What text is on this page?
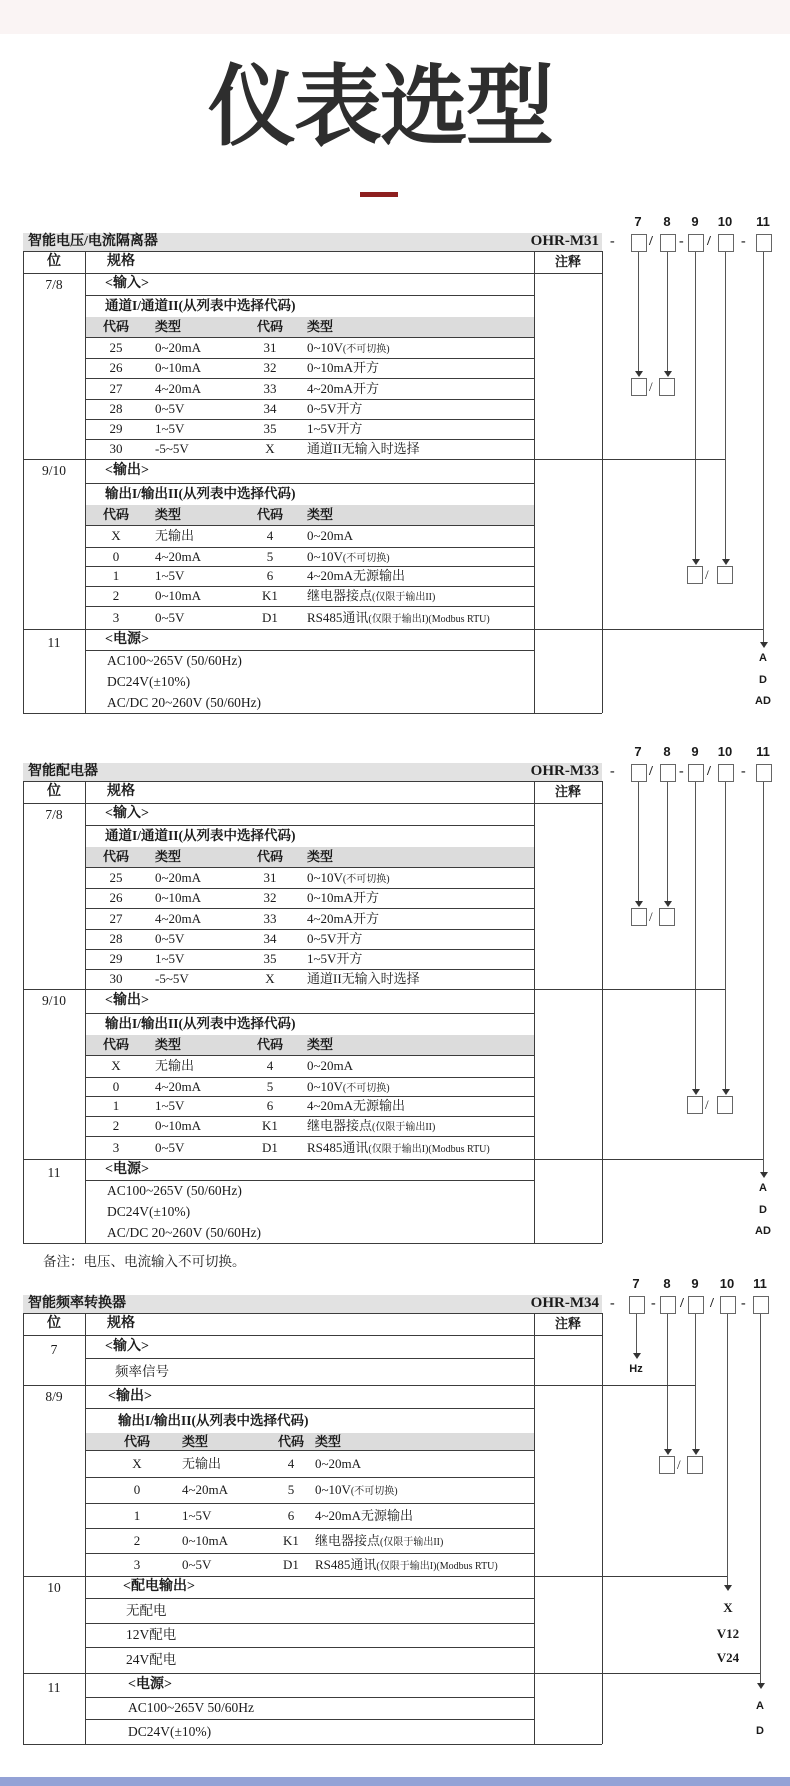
仪表选型
智能电压/电流隔离器	OHR-M31
位	规格	注释
7/8	<输入>
通道I/通道II(从列表中选择代码)
代码	类型	代码	类型
25	0~20mA	31	0~10V(不可切换)
26	0~10mA	32	0~10mA开方
27	4~20mA	33	4~20mA开方
28	0~5V	34	0~5V开方
29	1~5V	35	1~5V开方
30	-5~5V	X	通道II无输入时选择
9/10	<输出>
输出I/输出II(从列表中选择代码)
代码	类型	代码	类型
X	无输出	4	0~20mA
0	4~20mA	5	0~10V(不可切换)
1	1~5V	6	4~20mA无源输出
2	0~10mA	K1	继电器接点(仅限于输出II)
3	0~5V	D1	RS485通讯(仅限于输出I)(Modbus RTU)
11	<电源>
AC100~265V (50/60Hz)
DC24V(±10%)
AC/DC 20~260V (50/60Hz)
7	8	9	10 11
- / - / -
/
/
A
D
AD
智能配电器	OHR-M33
位	规格	注释
7/8	<输入>
通道I/通道II(从列表中选择代码)
代码	类型	代码	类型
25	0~20mA	31	0~10V(不可切换)
26	0~10mA	32	0~10mA开方
27	4~20mA	33	4~20mA开方
28	0~5V	34	0~5V开方
29	1~5V	35	1~5V开方
30	-5~5V	X	通道II无输入时选择
9/10	<输出>
输出I/输出II(从列表中选择代码)
代码	类型	代码	类型
X	无输出	4	0~20mA
0	4~20mA	5	0~10V(不可切换)
1	1~5V	6	4~20mA无源输出
2	0~10mA	K1	继电器接点(仅限于输出II)
3	0~5V	D1	RS485通讯(仅限于输出I)(Modbus RTU)
11	<电源>
AC100~265V (50/60Hz)
DC24V(±10%)
AC/DC 20~260V (50/60Hz)
7	8	9	10 11
- / - / -
/
/
A
D
AD
智能频率转换器	OHR-M34
位	规格	注释
7	<输入>
频率信号
8/9	<输出>
输出I/输出II(从列表中选择代码)
代码	类型	代码 类型
X	无输出	4	0~20mA
0	4~20mA	5	0~10V(不可切换)
1	1~5V	6	4~20mA无源输出
2	0~10mA	K1	继电器接点(仅限于输出II)
3	0~5V	D1	RS485通讯(仅限于输出I)(Modbus RTU)
10	<配电输出>
无配电
12V配电
24V配电
11	<电源>
AC100~265V 50/60Hz
DC24V(±10%)
7	8	9	10 11
-	- / / -
/
Hz
X
V12
V24
A
D
备注：电压、电流输入不可切换。
